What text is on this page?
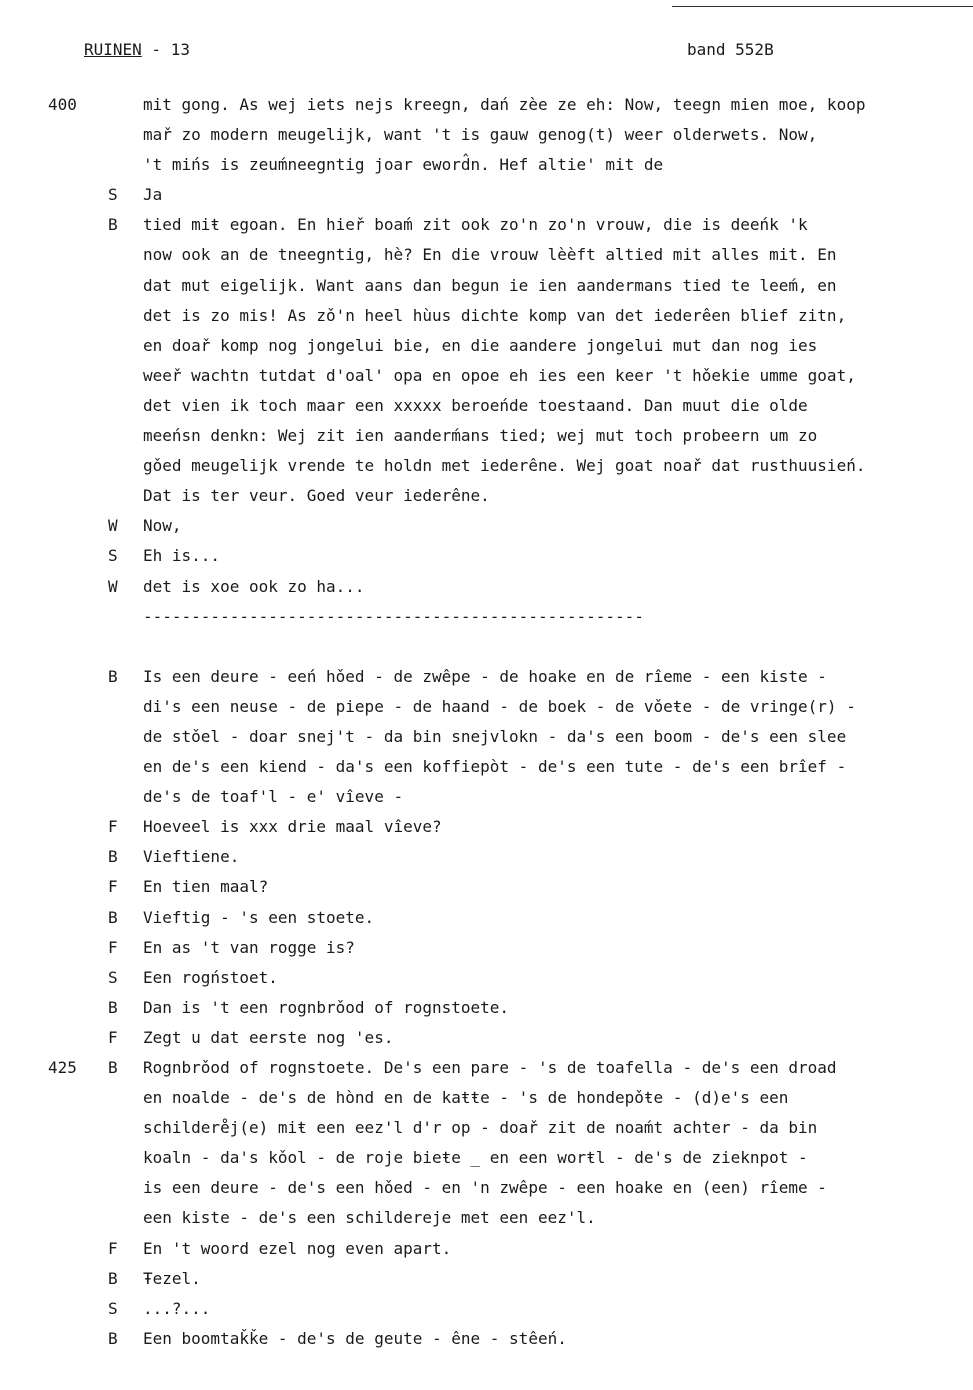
RUINEN - 13	band 552B
400	mit gong. As wej iets nejs kreegn, dań zèe ze eh: Now, teegn mien moe, koop
mař zo modern meugelijk, want 't is gauw genog(t) weer olderwets. Now,
't mińs is zeuḿneegntig joar eword̂n. Hef altie' mit de
S Ja
B tied miŧ egoan. En hieř boaḿ zit ook zo'n zo'n vrouw, die is deeńk 'k
now ook an de tneegntig, hè? En die vrouw lèèft altied mit alles mit. En
dat mut eigelijk. Want aans dan begun ie ien aandermans tied te leeḿ, en
det is zo mis! As zǒ'n heel hùus dichte komp van det iederêen blief zitn,
en doař komp nog jongelui bie, en die aandere jongelui mut dan nog ies
weeř wachtn tutdat d'oal' opa en opoe eh ies een keer 't hǒekie umme goat,
det vien ik toch maar een xxxxx beroeńde toestaand. Dan muut die olde
meeńsn denkn: Wej zit ien aanderḿans tied; wej mut toch probeern um zo
gǒed meugelijk vrende te holdn met iederêne. Wej goat noař dat rusthuusień.
Dat is ter veur. Goed veur iederêne.
W Now,
S Eh is...
W det is xoe ook zo ha...
----------------------------------------------------
B Is een deure - eeń hǒed - de zwêpe - de hoake en de rîeme - een kiste -
di's een neuse - de piepe - de haand - de boek - de vǒeŧe - de vringe(r) -
de stǒel - doar snej't - da bin snejvlokn - da's een boom - de's een slee
en de's een kiend - da's een koffiepòt - de's een tute - de's een brîef -
de's de toaf'l - e' vîeve -
F Hoeveel is xxx drie maal vîeve?
B Vieftiene.
F En tien maal?
B Vieftig - 's een stoete.
F En as 't van rogge is?
S Een rogństoet.
B Dan is 't een rognbrǒod of rognstoete.
F Zegt u dat eerste nog 'es.
425 B Rognbrǒod of rognstoete. De's een pare - 's de toafella - de's een droad
en noalde - de's de hònd en de kaŧŧe - 's de hondepǒŧe - (d)e's een
schildere̊j(e) miŧ een eez'l d'r op - doař zit de noaḿt achter - da bin
koaln - da's kǒol - de roje bieŧe _ en een worŧl - de's de zieknpot -
is een deure - de's een hǒed - en 'n zwêpe - een hoake en (een) rîeme -
een kiste - de's een schildereje met een eez'l.
F En 't woord ezel nog even apart.
B Ŧezel.
S ...?...
B Een boomtaǩǩe - de's de geute - êne - stêeń.
